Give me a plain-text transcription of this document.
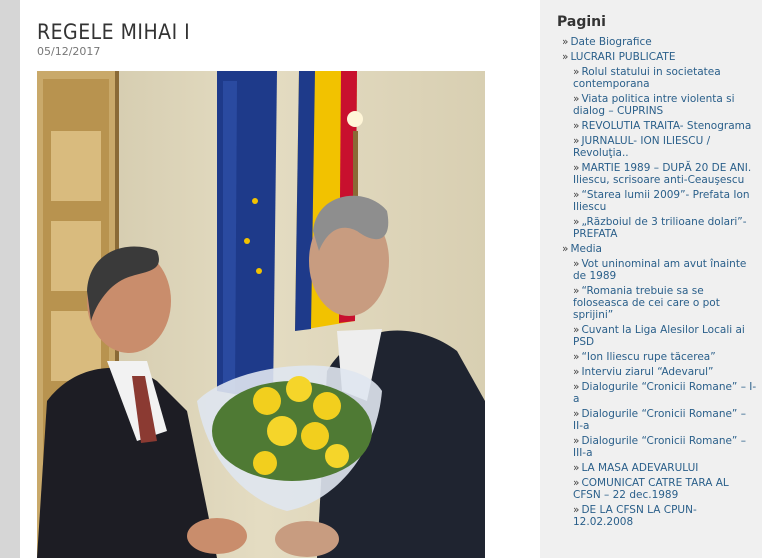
REGELE MIHAI I
05/12/2017
Pagini
» Date Biografice
» LUCRARI PUBLICATE
» Rolul statului in societatea contemporana
» Viata politica intre violenta si dialog – CUPRINS
» REVOLUTIA TRAITA- Stenograma
» JURNALUL- ION ILIESCU / Revoluţia..
» MARTIE 1989 – DUPĂ 20 DE ANI. Iliescu, scrisoare anti-Ceauşescu
» “Starea lumii 2009”- Prefata Ion Iliescu
» „Războiul de 3 trilioane dolari”- PREFATA
» Media
» Vot uninominal am avut înainte de 1989
» “Romania trebuie sa se foloseasca de cei care o pot sprijini”
» Cuvant la Liga Alesilor Locali ai PSD
» “Ion Iliescu rupe tăcerea”
» Interviu ziarul “Adevarul”
» Dialogurile “Cronicii Romane” – I-a
» Dialogurile “Cronicii Romane” – II-a
» Dialogurile “Cronicii Romane” – III-a
» LA MASA ADEVARULUI
» COMUNICAT CATRE TARA AL CFSN – 22 dec.1989
» DE LA CFSN LA CPUN- 12.02.2008
